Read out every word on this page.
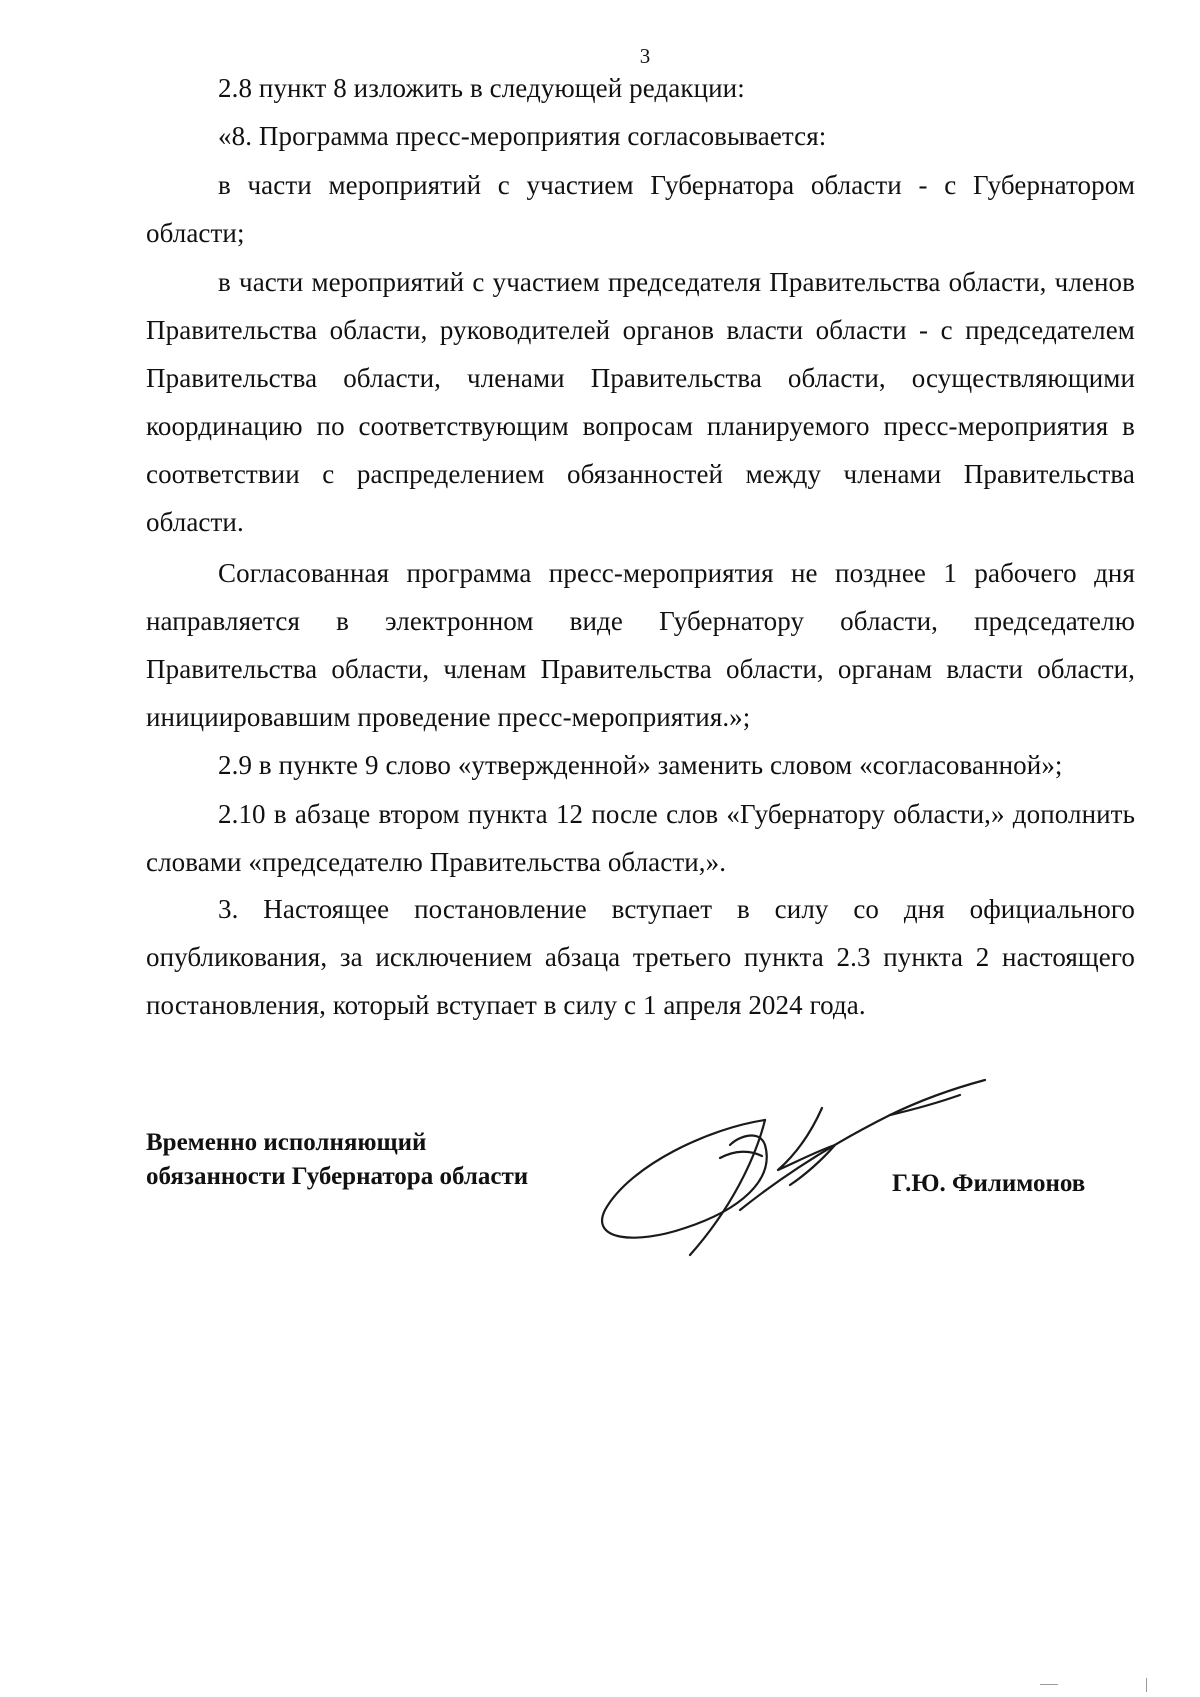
3

2.8 пункт 8 изложить в следующей редакции:

«8. Программа пресс-мероприятия согласовывается:

в части мероприятий с участием Губернатора области - с Губернатором области;

в части мероприятий с участием председателя Правительства области, членов Правительства области, руководителей органов власти области - с председателем Правительства области, членами Правительства области, осуществляющими координацию по соответствующим вопросам планируемого пресс-мероприятия в соответствии с распределением обязанностей между членами Правительства области.

Согласованная программа пресс-мероприятия не позднее 1 рабочего дня направляется в электронном виде Губернатору области, председателю Правительства области, членам Правительства области, органам власти области, инициировавшим проведение пресс-мероприятия.»;

2.9 в пункте 9 слово «утвержденной» заменить словом «согласованной»;

2.10 в абзаце втором пункта 12 после слов «Губернатору области,» дополнить словами «председателю Правительства области,».

3. Настоящее постановление вступает в силу со дня официального опубликования, за исключением абзаца третьего пункта 2.3 пункта 2 настоящего постановления, который вступает в силу с 1 апреля 2024 года.

Временно исполняющий
обязанности Губернатора области	Г.Ю. Филимонов
